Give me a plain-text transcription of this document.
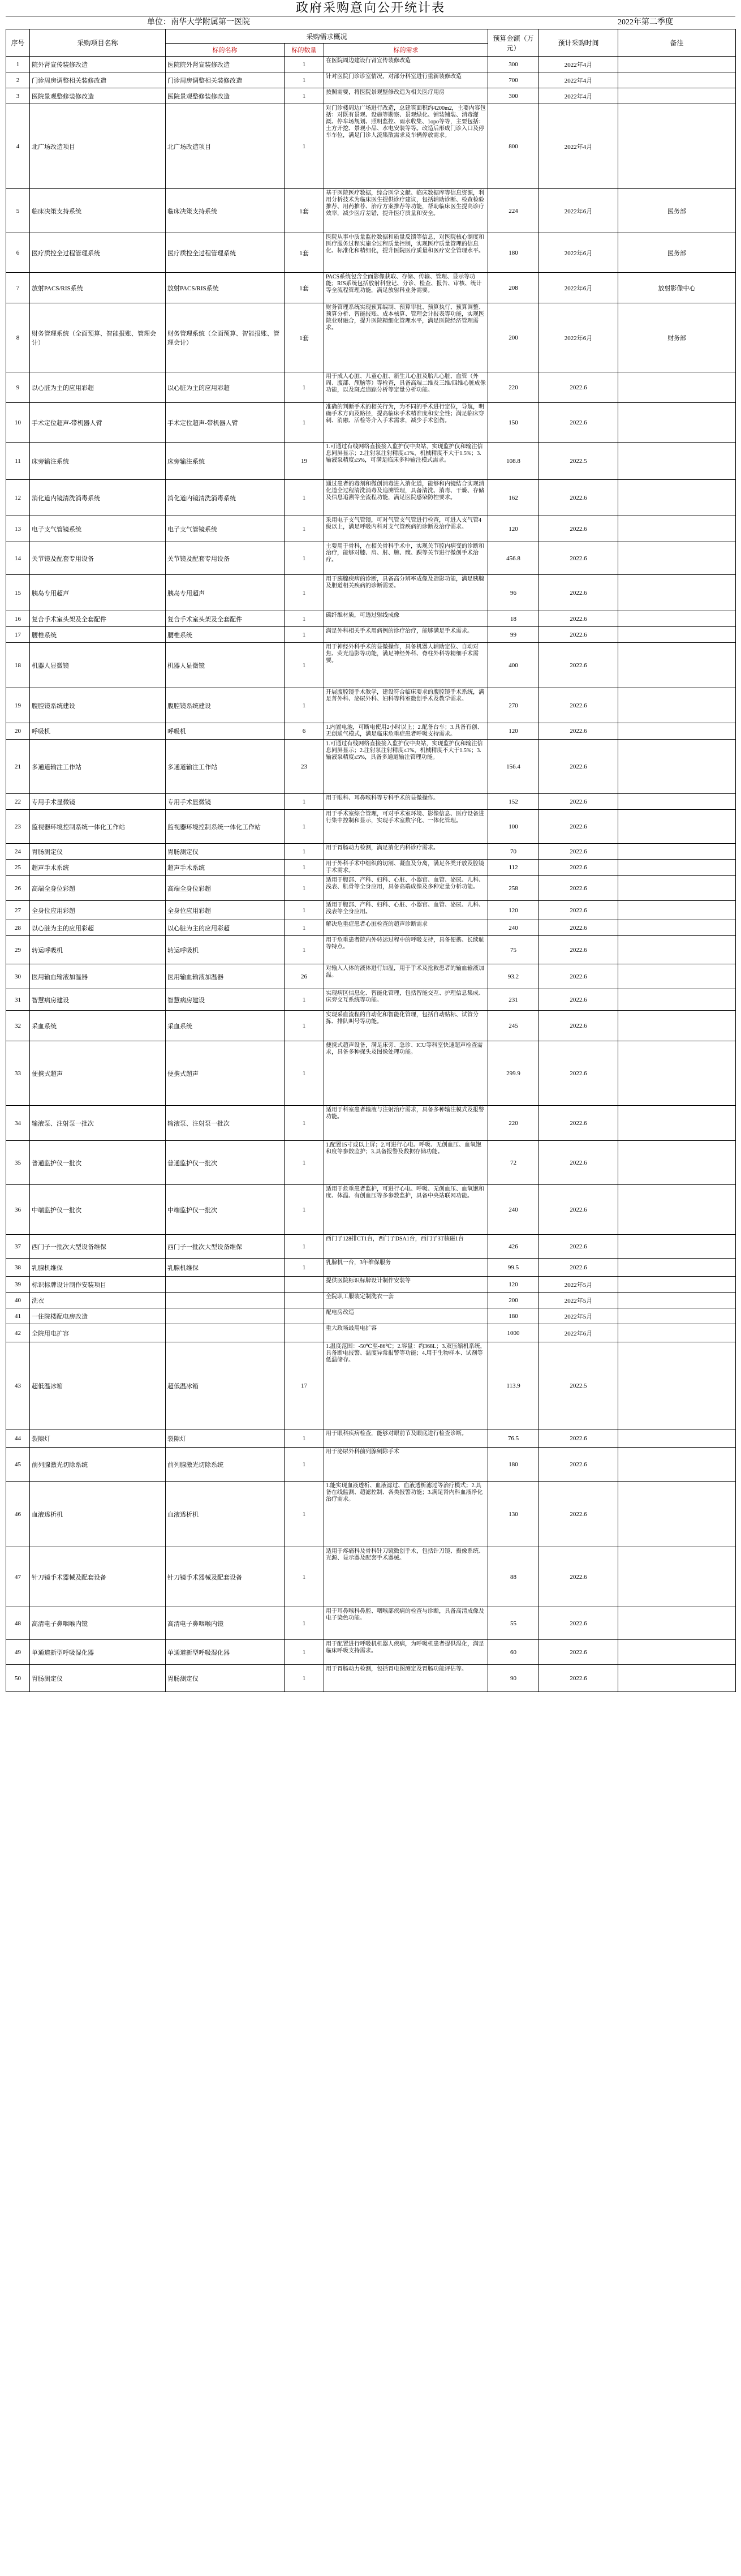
政府采购意向公开统计表
单位：南华大学附属第一医院	2022年第二季度
序号	采购项目名称	采购需求概况			预算金额（万元）	预计采购时间	备注
		标的名称	标的数量	标的需求			
1	院外肾宣传装修改造	医院院外肾宣装修改造	1	在医院周边建设行肾宣传装修改造	300	2022年4月	
2	门诊周房调整相关装修改造	门诊周房调整相关装修改造	1	针对医院门诊诊室情况，对部分科室进行重新装修改造	700	2022年4月	
3	医院景观整修装修改造	医院景观整修装修改造	1	按照需要，将医院景观整修改造为相关医疗用房	300	2022年4月	
4	北广场改造项目	北广场改造项目	1	对门诊楼周边广场进行改造，总建筑面积约4200m2，主要内容包括：对既有景观、设施等勘察、景观绿化、铺装铺装、消毒灌溉、停车场规划、照明监控、雨水收集、1opo等等，主要包括：土方开挖、景观小品、水电安装等等。改造后形成门诊入口及停车车位，满足门诊人流集散需求及车辆停放需求。	800	2022年4月	
5	临床决策支持系统	临床决策支持系统	1套	基于医院医疗数据，综合医学文献、临床数据库等信息资源，利用分析技术为临床医生提供诊疗建议，包括辅助诊断、检查检验推荐、用药推荐、治疗方案推荐等功能，帮助临床医生提高诊疗效率，减少医疗差错，提升医疗质量和安全。	224	2022年6月	医务部
6	医疗质控全过程管理系统	医疗质控全过程管理系统	1套	医院从事中质量监控数据和质量反馈等信息，对医院核心制度和医疗服务过程实施全过程质量控制，实现医疗质量管理的信息化、标准化和精细化，提升医院医疗质量和医疗安全管理水平。	180	2022年6月	医务部
7	放射PACS/RIS系统	放射PACS/RIS系统	1套	PACS系统包含全面影像获取、存储、传输、管理、显示等功能；RIS系统包括放射科登记、分诊、检查、报告、审核、统计等全流程管理功能，满足放射科业务需要。	208	2022年6月	放射影像中心
8	财务管理系统（全面预算、智能报账、管理会计）	财务管理系统（全面预算、智能报账、管理会计）	1套	财务管理系统实现预算编制、预算审批、预算执行、预算调整、预算分析、智能报账、成本核算、管理会计报表等功能，实现医院业财融合，提升医院精细化管理水平，满足医院经济管理需求。	200	2022年6月	财务部
9	以心脏为主的应用彩超	以心脏为主的应用彩超	1	用于成人心脏、儿童心脏、新生儿心脏及胎儿心脏、血管（外周、腹部、颅脑等）等检查，具备高端二维及三维/四维心脏成像功能，以及斑点追踪分析等定量分析功能。	220	2022.6	
10	手术定位超声-带机器人臂	手术定位超声-带机器人臂	1	准确的判断手术的相关行为，为不同的手术进行定位，导航，明确手术方向及路径，提高临床手术精准度和安全性；满足临床穿刺、消融、活检等介入手术需求，减少手术创伤。	150	2022.6	
11	床旁输注系统	床旁输注系统	19	1.可通过有线网络直接接入监护仪中央站，实现监护仪和输注信息同屏显示；2.注射泵注射精度≤1%，机械精度不大于1.5%；3.输液泵精度≤5%，可满足临床多种输注模式需求。	108.8	2022.5	
12	消化道内镜清洗消毒系统	消化道内镜清洗消毒系统	1	通过患者的毒剂和微创消毒进入消化道，能够和内镜结合实现消化道全过程清洗消毒及追溯管理，具备清洗、消毒、干燥、存储及信息追溯等全流程功能，满足医院感染防控要求。	162	2022.6	
13	电子支气管镜系统	电子支气管镜系统	1	采用电子支气管镜，可对气管支气管进行检查，可进入支气管4级以上，满足呼吸内科对支气管疾病的诊断及治疗需求。	120	2022.6	
14	关节镜及配套专用设备	关节镜及配套专用设备	1	主要用于骨科，在相关骨科手术中，实现关节腔内病变的诊断和治疗，能够对膝、肩、肘、腕、髋、踝等关节进行微创手术治疗。	456.8	2022.6	
15	胰岛专用超声	胰岛专用超声	1	用于胰腺疾病的诊断，具备高分辨率成像及造影功能，满足胰腺及胆道相关疾病的诊断需要。	96	2022.6	
16	复合手术室头架及全套配件	复合手术室头架及全套配件	1	碳纤维材质，可透过射线成像	18	2022.6	
17	腰椎系统	腰椎系统	1	满足外科相关手术用病例的诊疗治疗，能够满足手术需求。	99	2022.6	
18	机器人显微镜	机器人显微镜	1	用于神经外科手术的显微操作，具备机器人辅助定位、自动对焦、荧光造影等功能，满足神经外科、脊柱外科等精细手术需要。	400	2022.6	
19	腹腔镜系统建设	腹腔镜系统建设	1	开展腹腔镜手术教学，建设符合临床要求的腹腔镜手术系统，满足普外科、泌尿外科、妇科等科室微创手术及教学需求。	270	2022.6	
20	呼吸机	呼吸机	6	1.内置电池，可断电使用2小时以上；2.配备台车；3.具备有创、无创通气模式，满足临床危重症患者呼吸支持需求。	120	2022.6	
21	多通道输注工作站	多通道输注工作站	23	1.可通过有线网络直接接入监护仪中央站，实现监护仪和输注信息同屏显示；2.注射泵注射精度≤1%，机械精度不大于1.5%；3.输液泵精度≤5%，具备多通道输注管理功能。	156.4	2022.6	
22	专用手术显微镜	专用手术显微镜	1	用于眼科、耳鼻喉科等专科手术的显微操作。	152	2022.6	
23	监视器环境控制系统一体化工作站	监视器环境控制系统一体化工作站	1	用于手术室综合管理，可对手术室环境、影像信息、医疗设备进行集中控制和显示，实现手术室数字化、一体化管理。	100	2022.6	
24	胃肠测定仪	胃肠测定仪	1	用于胃肠动力检测，满足消化内科诊疗需求。	70	2022.6	
25	超声手术系统	超声手术系统	1	用于外科手术中组织的切割、凝血及分离，满足各类开放及腔镜手术需求。	112	2022.6	
26	高端全身位彩超	高端全身位彩超	1	适用于腹部、产科、妇科、心脏、小器官、血管、泌尿、儿科、浅表、肌骨等全身应用，具备高端成像及多种定量分析功能。	258	2022.6	
27	全身位应用彩超	全身位应用彩超	1	适用于腹部、产科、妇科、心脏、小器官、血管、泌尿、儿科、浅表等全身应用。	120	2022.6	
28	以心脏为主的应用彩超	以心脏为主的应用彩超	1	解决危重症患者心脏检查的超声诊断需求	240	2022.6	
29	转运呼吸机	转运呼吸机	1	用于危重患者院内外转运过程中的呼吸支持，具备便携、长续航等特点。	75	2022.6	
30	医用输血输液加温器	医用输血输液加温器	26	对输入人体的液体进行加温，用于手术及抢救患者的输血输液加温。	93.2	2022.6	
31	智慧病房建设	智慧病房建设	1	实现病区信息化、智能化管理，包括智能交互、护理信息集成、床旁交互系统等功能。	231	2022.6	
32	采血系统	采血系统	1	实现采血流程的自动化和智能化管理，包括自动贴标、试管分拣、排队叫号等功能。	245	2022.6	
33	便携式超声	便携式超声	1	便携式超声设备，满足床旁、急诊、ICU等科室快速超声检查需求，具备多种探头及图像处理功能。	299.9	2022.6	
34	输液泵、注射泵一批次	输液泵、注射泵一批次	1	适用于科室患者输液与注射治疗需求，具备多种输注模式及报警功能。	220	2022.6	
35	普通监护仪一批次	普通监护仪一批次	1	1.配置15寸或以上屏；2.可进行心电、呼吸、无创血压、血氧饱和度等参数监护；3.具备报警及数据存储功能。	72	2022.6	
36	中端监护仪一批次	中端监护仪一批次	1	适用于危重患者监护，可进行心电、呼吸、无创血压、血氧饱和度、体温、有创血压等多参数监护，具备中央站联网功能。	240	2022.6	
37	西门子一批次大型设备维保	西门子一批次大型设备维保	1	西门子128排CT1台，西门子DSA1台，西门子3T核磁1台	426	2022.6	
38	乳腺机维保	乳腺机维保	1	乳腺机一台，3年维保服务	99.5	2022.6	
39	标识标牌设计制作安装项目			提供医院标识标牌设计制作安装等	120	2022年5月	
40	洗衣			全院职工服装定制洗衣一套	200	2022年5月	
41	一住院楼配电房改造			配电房改造	180	2022年5月	
42	全院用电扩容			重大政场最用电扩容	1000	2022年6月	
43	超低温冰箱	超低温冰箱	17	1.温度范围：-50℃至-86℃；2.容量：约368L；3.双压缩机系统，具备断电报警、温度异常报警等功能；4.用于生物样本、试剂等低温储存。	113.9	2022.5	
44	裂隙灯	裂隙灯	1	用于眼科疾病检查，能够对眼前节及眼底进行检查诊断。	76.5	2022.6	
45	前列腺激光切除系统	前列腺激光切除系统	1	用于泌尿外科前列腺剜除手术	180	2022.6	
46	血液透析机	血液透析机	1	1.能实现血液透析、血液滤过、血液透析滤过等治疗模式；2.具备在线监测、超滤控制、各类报警功能；3.满足肾内科血液净化治疗需求。	130	2022.6	
47	针刀镜手术器械及配套设备	针刀镜手术器械及配套设备	1	适用于疼痛科及骨科针刀镜微创手术，包括针刀镜、摄像系统、光源、显示器及配套手术器械。	88	2022.6	
48	高清电子鼻咽喉内镜	高清电子鼻咽喉内镜	1	用于耳鼻喉科鼻腔、咽喉部疾病的检查与诊断，具备高清成像及电子染色功能。	55	2022.6	
49	单通道新型呼吸湿化器	单通道新型呼吸湿化器	1	用于配置进行呼吸机机器人疾病，为呼吸机患者提供湿化，满足临床呼吸支持需求。	60	2022.6	
50	胃肠测定仪	胃肠测定仪	1	用于胃肠动力检测，包括胃电图测定及胃肠功能评估等。	90	2022.6	
